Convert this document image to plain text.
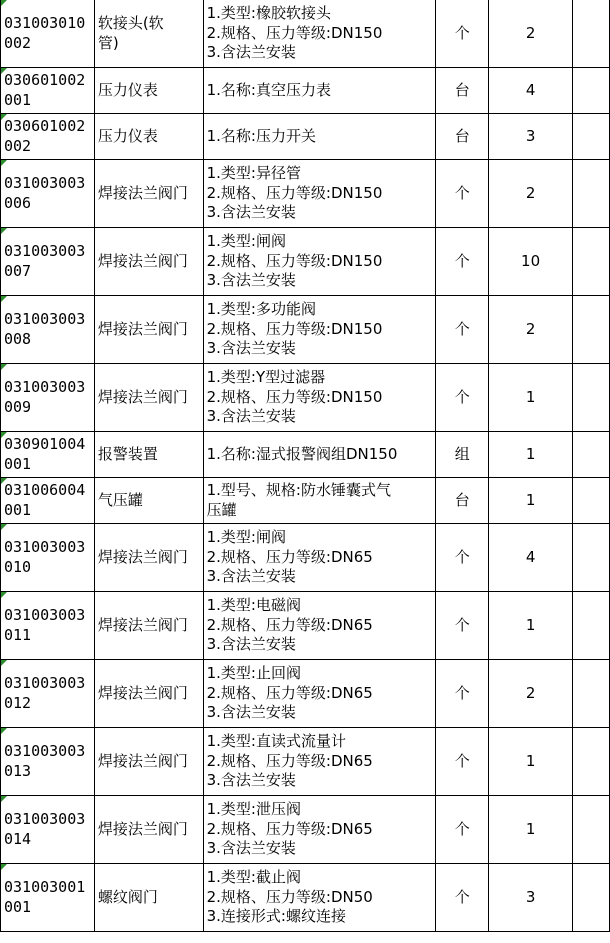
031003010
002	软接头(软
管)	1.类型:橡胶软接头
2.规格、压力等级:DN150
3.含法兰安装	个	2	

030601002
001	压力仪表	1.名称:真空压力表	台	4	

030601002
002	压力仪表	1.名称:压力开关	台	3	

031003003
006	焊接法兰阀门	1.类型:异径管
2.规格、压力等级:DN150
3.含法兰安装	个	2	

031003003
007	焊接法兰阀门	1.类型:闸阀
2.规格、压力等级:DN150
3.含法兰安装	个	10	

031003003
008	焊接法兰阀门	1.类型:多功能阀
2.规格、压力等级:DN150
3.含法兰安装	个	2	

031003003
009	焊接法兰阀门	1.类型:Y型过滤器
2.规格、压力等级:DN150
3.含法兰安装	个	1	

030901004
001	报警装置	1.名称:湿式报警阀组DN150	组	1	

031006004
001	气压罐	1.型号、规格:防水锤囊式气
压罐	台	1	

031003003
010	焊接法兰阀门	1.类型:闸阀
2.规格、压力等级:DN65
3.含法兰安装	个	4	

031003003
011	焊接法兰阀门	1.类型:电磁阀
2.规格、压力等级:DN65
3.含法兰安装	个	1	

031003003
012	焊接法兰阀门	1.类型:止回阀
2.规格、压力等级:DN65
3.含法兰安装	个	2	

031003003
013	焊接法兰阀门	1.类型:直读式流量计
2.规格、压力等级:DN65
3.含法兰安装	个	1	

031003003
014	焊接法兰阀门	1.类型:泄压阀
2.规格、压力等级:DN65
3.含法兰安装	个	1	

031003001
001	螺纹阀门	1.类型:截止阀
2.规格、压力等级:DN50
3.连接形式:螺纹连接	个	3	
